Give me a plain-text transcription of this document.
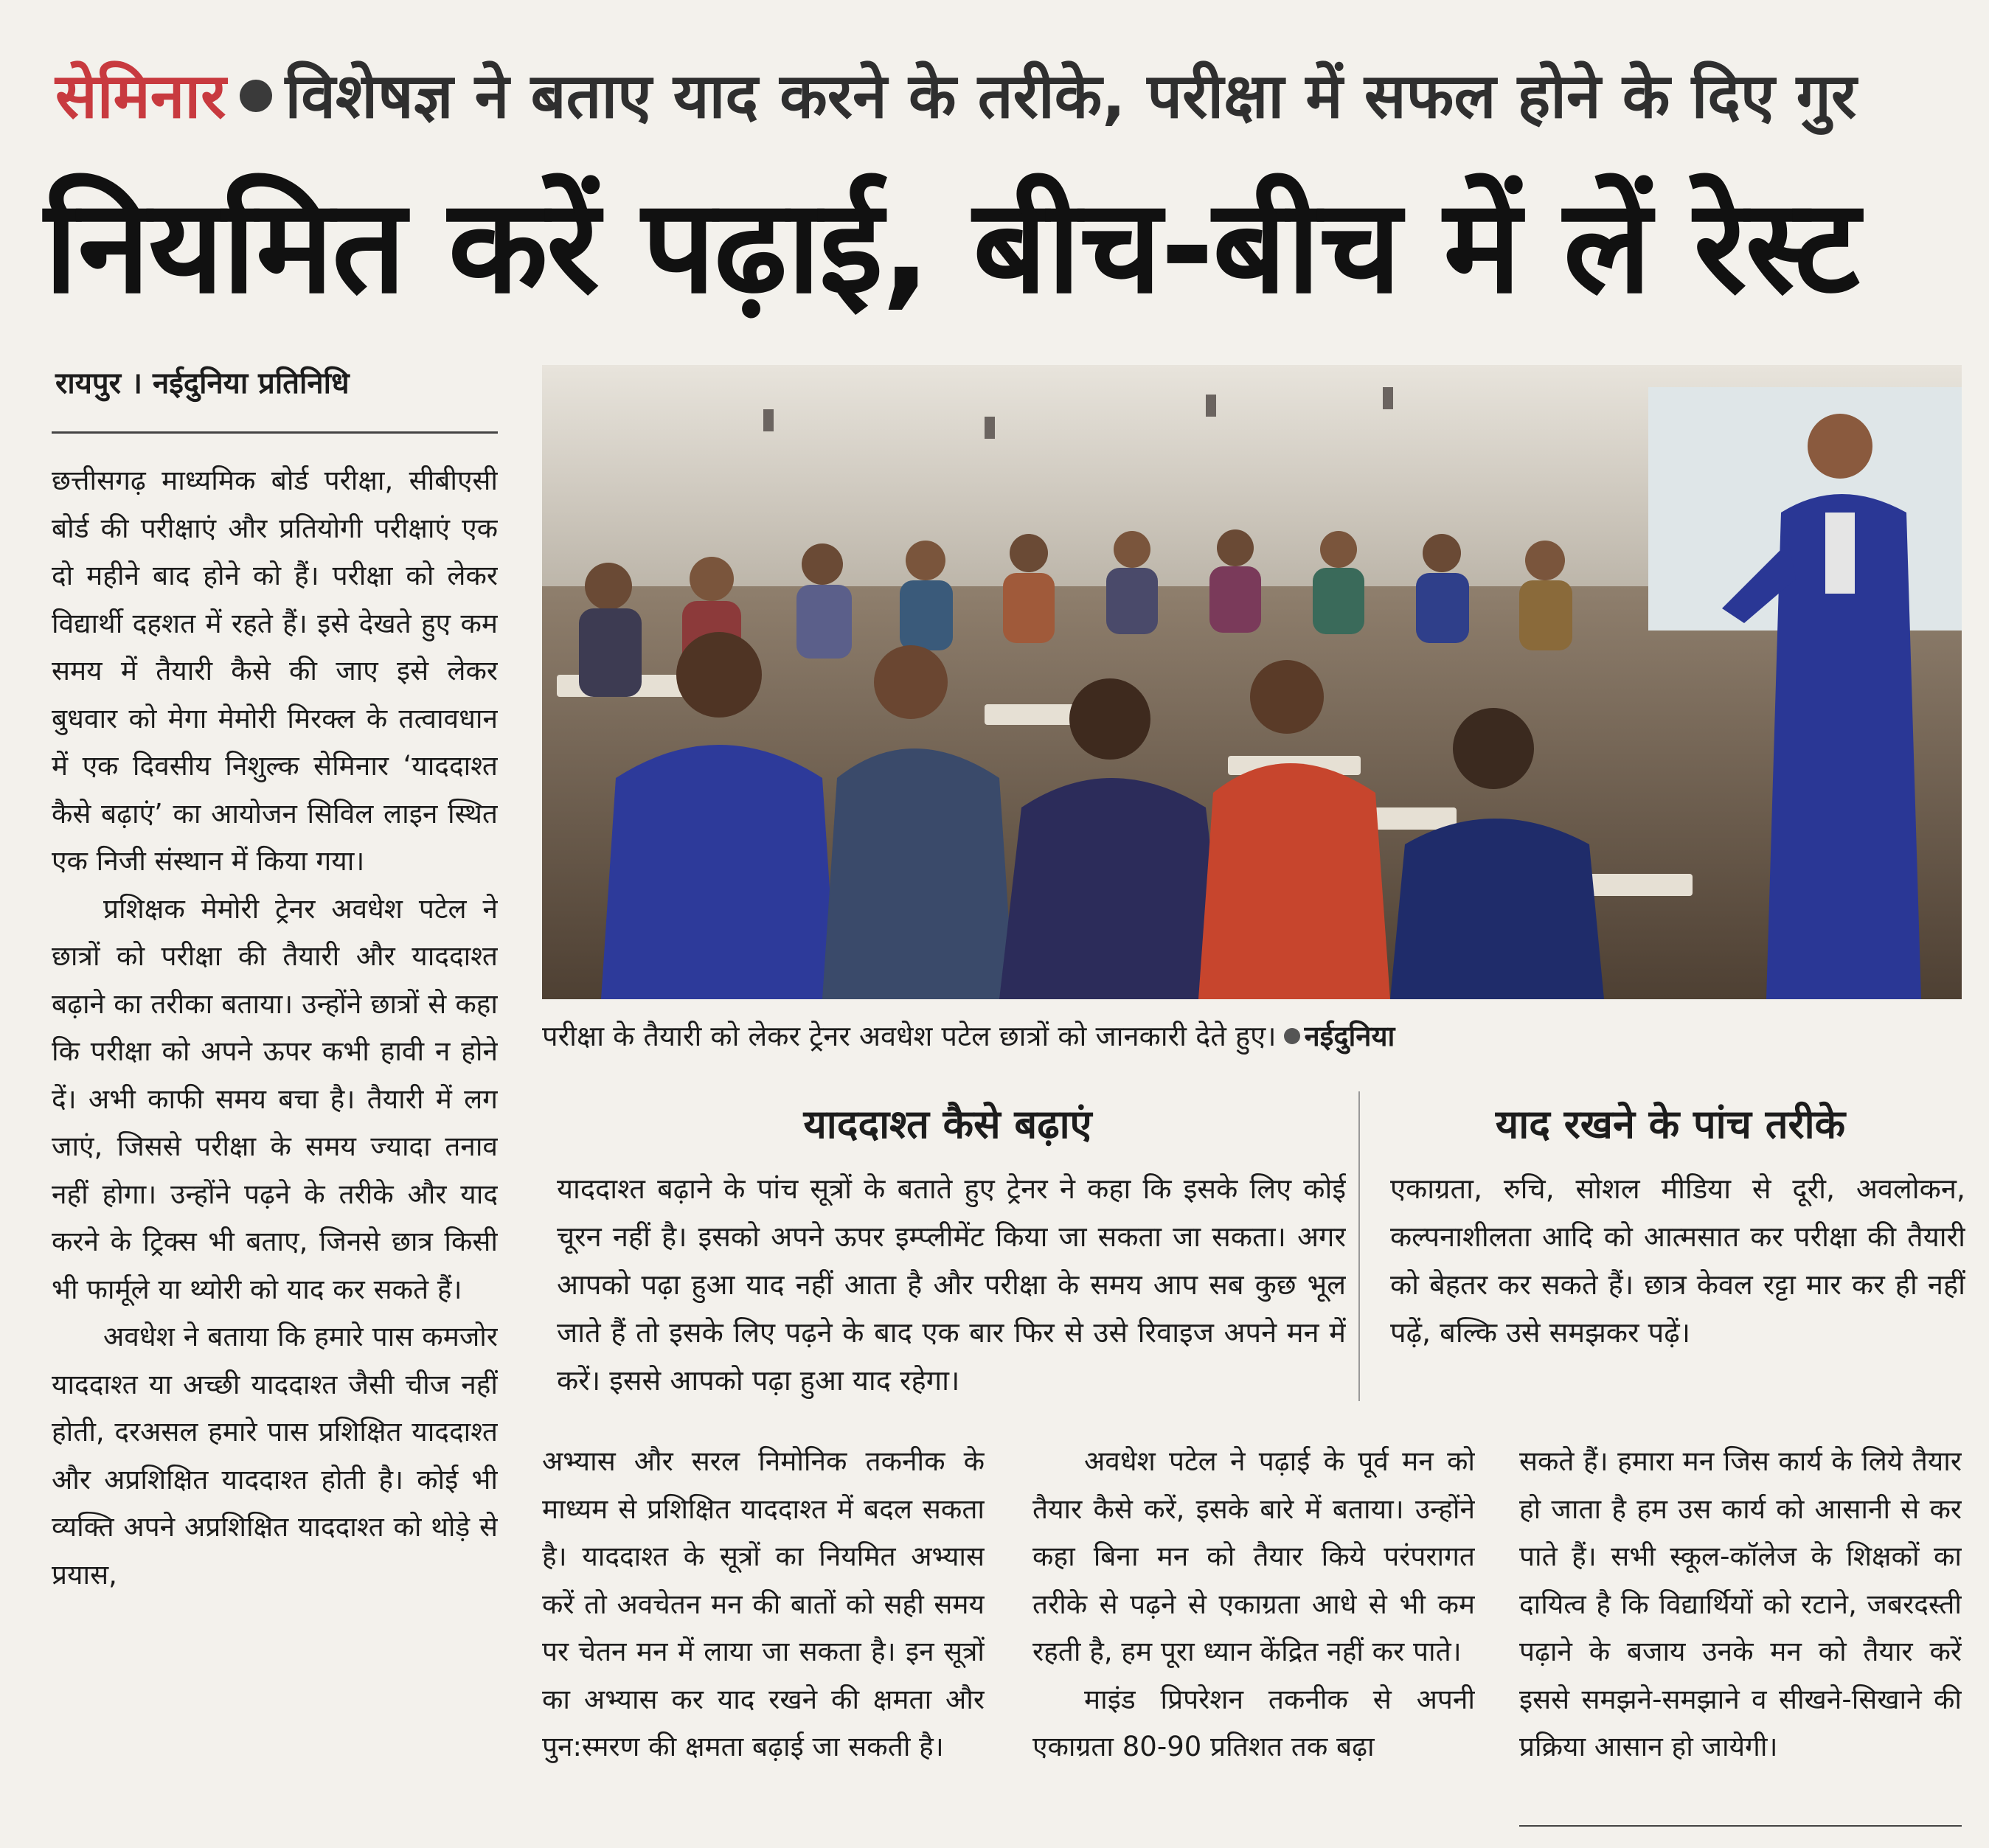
सेमिनार विशेषज्ञ ने बताए याद करने के तरीके, परीक्षा में सफल होने के दिए गुर
नियमित करें पढ़ाई, बीच-बीच में लें रेस्ट
रायपुर । नईदुनिया प्रतिनिधि

छत्तीसगढ़ माध्यमिक बोर्ड परीक्षा, सीबीएसी बोर्ड की परीक्षाएं और प्रतियोगी परीक्षाएं एक दो महीने बाद होने को हैं। परीक्षा को लेकर विद्यार्थी दहशत में रहते हैं। इसे देखते हुए कम समय में तैयारी कैसे की जाए इसे लेकर बुधवार को मेगा मेमोरी मिरक्ल के तत्वावधान में एक दिवसीय निशुल्क सेमिनार ‘याददाश्त कैसे बढ़ाएं’ का आयोजन सिविल लाइन स्थित एक निजी संस्थान में किया गया।

प्रशिक्षक मेमोरी ट्रेनर अवधेश पटेल ने छात्रों को परीक्षा की तैयारी और याददाश्त बढ़ाने का तरीका बताया। उन्होंने छात्रों से कहा कि परीक्षा को अपने ऊपर कभी हावी न होने दें। अभी काफी समय बचा है। तैयारी में लग जाएं, जिससे परीक्षा के समय ज्यादा तनाव नहीं होगा। उन्होंने पढ़ने के तरीके और याद करने के ट्रिक्स भी बताए, जिनसे छात्र किसी भी फार्मूले या थ्योरी को याद कर सकते हैं।

अवधेश ने बताया कि हमारे पास कमजोर याददाश्त या अच्छी याददाश्त जैसी चीज नहीं होती, दरअसल हमारे पास प्रशिक्षित याददाश्त और अप्रशिक्षित याददाश्त होती है। कोई भी व्यक्ति अपने अप्रशिक्षित याददाश्त को थोड़े से प्रयास,

परीक्षा के तैयारी को लेकर ट्रेनर अवधेश पटेल छात्रों को जानकारी देते हुए। नईदुनिया
याददाश्त कैसे बढ़ाएं
याददाश्त बढ़ाने के पांच सूत्रों के बताते हुए ट्रेनर ने कहा कि इसके लिए कोई चूरन नहीं है। इसको अपने ऊपर इम्प्लीमेंट किया जा सकता जा सकता। अगर आपको पढ़ा हुआ याद नहीं आता है और परीक्षा के समय आप सब कुछ भूल जाते हैं तो इसके लिए पढ़ने के बाद एक बार फिर से उसे रिवाइज अपने मन में करें। इससे आपको पढ़ा हुआ याद रहेगा।
याद रखने के पांच तरीके
एकाग्रता, रुचि, सोशल मीडिया से दूरी, अवलोकन, कल्पनाशीलता आदि को आत्मसात कर परीक्षा की तैयारी को बेहतर कर सकते हैं। छात्र केवल रट्टा मार कर ही नहीं पढ़ें, बल्कि उसे समझकर पढ़ें।

अभ्यास और सरल निमोनिक तकनीक के माध्यम से प्रशिक्षित याददाश्त में बदल सकता है। याददाश्त के सूत्रों का नियमित अभ्यास करें तो अवचेतन मन की बातों को सही समय पर चेतन मन में लाया जा सकता है। इन सूत्रों का अभ्यास कर याद रखने की क्षमता और पुन:स्मरण की क्षमता बढ़ाई जा सकती है।

अवधेश पटेल ने पढ़ाई के पूर्व मन को तैयार कैसे करें, इसके बारे में बताया। उन्होंने कहा बिना मन को तैयार किये परंपरागत तरीके से पढ़ने से एकाग्रता आधे से भी कम रहती है, हम पूरा ध्यान केंद्रित नहीं कर पाते।

माइंड प्रिपरेशन तकनीक से अपनी एकाग्रता 80-90 प्रतिशत तक बढ़ा

सकते हैं। हमारा मन जिस कार्य के लिये तैयार हो जाता है हम उस कार्य को आसानी से कर पाते हैं। सभी स्कूल-कॉलेज के शिक्षकों का दायित्व है कि विद्यार्थियों को रटाने, जबरदस्ती पढ़ाने के बजाय उनके मन को तैयार करें इससे समझने-समझाने व सीखने-सिखाने की प्रक्रिया आसान हो जायेगी।
